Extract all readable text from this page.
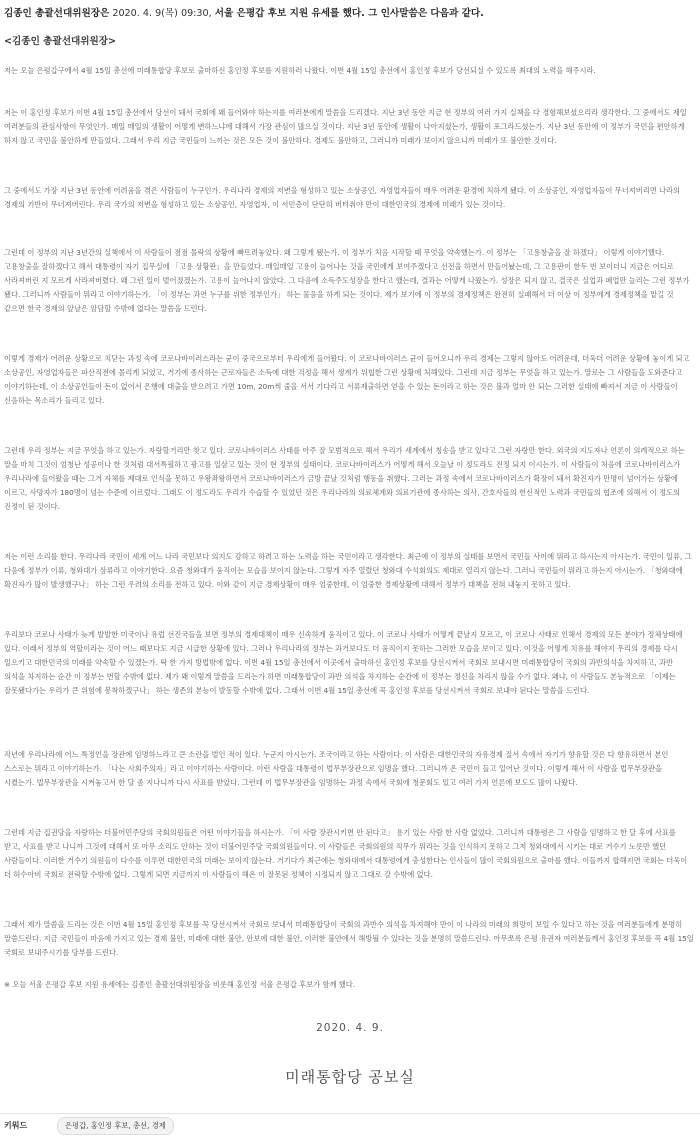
김종인 총괄선대위원장은 2020. 4. 9(목) 09:30, 서울 은평갑 후보 지원 유세를 했다. 그 인사말씀은 다음과 같다.
<김종인 총괄선대위원장>

저는 오늘 은평갑구에서 4월 15일 총선에 미래통합당 후보로 출마하신 홍인정 후보를 지원하러 나왔다. 이번 4월 15일 총선에서 홍인정 후보가 당선되실 수 있도록 최대의 노력을 해주시라.

저는 이 홍인정 후보가 이번 4월 15일 총선에서 당선이 돼서 국회에 왜 들어와야 하는지를 여러분에게 말씀을 드리겠다. 지난 3년 동안 지금 현 정부의 여러 가지 실책을 다 경험해보셨으리라 생각한다. 그 중에서도 제일 여러분들의 관심사항이 무엇인가. 매일 매일의 생활이 어떻게 변하느냐에 대해서 가장 관심이 많으실 것이다. 지난 3년 동안에 생활이 나아지셨는가, 생활이 포그라드셨는가. 지난 3년 동안에 이 정부가 국민을 편안하게 하지 않고 국민을 불안하게 만들었다. 그래서 우리 지금 국민들이 느끼는 것은 모든 것이 불안하다. 경제도 불안하고, 그러니까 미래가 보이지 않으니까 미래가 또 불안한 것이다.

그 중에서도 가장 지난 3년 동안에 어려움을 겪은 사람들이 누구인가. 우리나라 경제의 저변을 형성하고 있는 소상공인, 자영업자들이 매우 어려운 환경에 처하게 됐다. 이 소상공인, 자영업자들이 무너져버리면 나라의 경제의 기반이 무너져버린다. 우리 국가의 저변을 형성하고 있는 소상공인, 자영업자, 이 서민층이 단단히 버텨줘야 만이 대한민국의 경제에 미래가 있는 것이다.

그런데 이 정부의 지난 3년간의 실책에서 이 사람들이 점점 몰락의 상황에 빠뜨려놓았다. 왜 그렇게 됐는가. 이 정부가 처음 시작할 때 무엇을 약속했는가. 이 정부는 「고용창출을 잘 하겠다」 이렇게 이야기했다. 고용창출을 잘하겠다고 해서 대통령이 자기 집무실에 「고용 상황판」을 만들었다. 매일매일 고용이 늘어나는 것을 국민에게 보여주겠다고 선전을 하면서 만들어놨는데, 그 고용판이 한두 번 보이더니 지금은 어디로 사라져버린 지 모르게 사라져버렸다. 왜 그런 일이 벌어졌겠는가. 고용이 늘어나지 않았다. 그 다음에 소득주도성장을 한다고 했는데, 결과는 어떻게 나왔는가. 성장은 되지 않고, 결국은 실업과 폐업만 늘리는 그런 정부가 됐다. 그러니까 사람들이 뭐라고 이야기하는가. 「이 정부는 과연 누구를 위한 정부인가」 하는 물음을 하게 되는 것이다. 제가 보기에 이 정부의 경제정책은 완전히 실패해서 더 이상 이 정부에게 경제정책을 맡길 것 같으면 한국 경제의 앞날은 암담할 수밖에 없다는 말씀을 드린다.

이렇게 경제가 어려운 상황으로 치닫는 과정 속에 코로나바이러스라는 균이 중국으로부터 우리에게 들어왔다. 이 코로나바이러스 균이 들어오니까 우리 경제는 그렇지 않아도 어려운데, 더욱더 어려운 상황에 놓이게 되고 소상공인, 자영업자들은 파산직전에 몰리게 되었고, 거기에 종사하는 근로자들은 소득에 대한 걱정을 해서 생계가 위협한 그런 상황에 처해있다. 그런데 지금 정부는 무엇을 하고 있는가. 말로는 그 사람들을 도와준다고 이야기하는데, 이 소상공인들이 돈이 없어서 은행에 대출을 받으려고 가면 10m, 20m씩 줄을 서서 기다리고 서류제출하면 얻을 수 있는 돈이라고 하는 것은 불과 얼마 안 되는 그러한 실태에 빠져서 지금 이 사람들이 신음하는 목소리가 들리고 있다.

그런데 우리 정부는 지금 무엇을 하고 있는가. 자랑할거리만 찾고 있다. 코로나바이러스 사태를 아주 잘 모범적으로 해서 우리가 세계에서 칭송을 받고 있다고 그런 자랑만 한다. 외국의 지도자나 언론이 의례적으로 하는 말을 마치 그것이 엄청난 성공이나 한 것처럼 대서특필하고 광고를 일삼고 있는 것이 현 정부의 실태이다. 코로나바이러스가 어떻게 해서 오늘날 이 정도라도 진정 되지 이시는가. 이 사람들이 처음에 코로나바이러스가 우리나라에 들어왔을 때는 그거 자체를 제대로 인식을 못하고 우왕좌왕하면서 코로나바이러스가 금방 끝날 것처럼 행동을 취했다. 그러는 과정 속에서 코로나바이러스가 확장이 돼서 확진자가 만명이 넘어가는 상황에 이르고, 사망자가 180명이 넘는 수준에 이르렀다. 그래도 이 정도라도 우리가 수습할 수 있었던 것은 우리나라의 의료체계와 의료기관에 종사하는 의사, 간호사들의 헌신적인 노력과 국민들의 협조에 의해서 이 정도의 진정이 된 것이다.

저는 이런 소리를 한다. 우리나라 국민이 세계 어느 나라 국민보다 의지도 강하고 하려고 하는 노력을 하는 국민이라고 생각한다. 최근에 이 정부의 실태를 보면서 국민들 사이에 뭐라고 하시는지 아시는가. 국민이 일류, 그 다음에 정부가 이류, 청와대가 삼류라고 이야기한다. 요즘 청와대가 움직이는 모습을 보이지 않는다. 그렇게 자주 열렸던 청와대 수석회의도 제대로 열리지 않는다. 그러니 국민들이 뭐라고 하는지 아시는가. 「청와대에 확진자가 많이 발생했구나」 하는 그런 우려의 소리를 전하고 있다. 이와 같이 지금 경제상황이 매우 엄중한데, 이 엄중한 경제상황에 대해서 정부가 대책을 전혀 내놓지 못하고 있다.

우리보다 코로나 사태가 늦게 발발한 미국이나 유럽 선진국들을 보면 정부의 경제대책이 매우 신속하게 움직이고 있다. 이 코로나 사태가 어떻게 끝날지 모르고, 이 코로나 사태로 인해서 경제의 모든 분야가 정체상태에 있다. 이래서 정부의 역할이라는 것이 어느 때보다도 지금 시급한 상황에 있다. 그러나 우리나라의 정부는 과거보다도 더 움직이지 못하는 그러한 모습을 보이고 있다. 이것을 어떻게 치유를 해야지 우리의 경제를 다시 일으키고 대한민국의 미래를 약속할 수 있겠는가. 딱 한 가지 방법밖에 없다. 이번 4월 15일 총선에서 이곳에서 출마하신 홍인정 후보를 당선시켜서 국회로 보내시면 미래통합당이 국회의 과반의석을 차지하고, 과반 의석을 차지하는 순간 이 정부는 번할 수밖에 없다. 제가 왜 이렇게 말씀을 드리는가 하면 미래통합당이 과반 의석을 차지하는 순간에 이 정부는 정신을 차리지 않을 수가 없다. 왜냐, 이 사람들도 본능적으로 「이제는 잘못됐다가는 우리가 큰 위험에 봉착하겠구나」 하는 생존의 본능이 발동할 수밖에 없다. 그래서 이번 4월 15일 총선에 꼭 홍인정 후보를 당선시켜서 국회로 보내야 된다는 말씀을 드린다.

작년에 우리나라에 어느 특정인을 장관에 임명하느라고 큰 소란을 벌인 적이 있다. 누군지 아시는가. 조국이라고 하는 사람이다. 이 사람은 대한민국의 자유경제 질서 속에서 자기가 향유할 것은 다 향유하면서 본인 스스로는 뭐라고 이야기하는가. 「나는 사회주의자」라고 이야기하는 사람이다. 이런 사람을 대통령이 법무부장관으로 임명을 했다. 그러니까 온 국민이 들고 일어난 것이다. 이렇게 해서 이 사람을 법무부장관을 시켰는가. 법무부장관을 시켜놓고서 한 달 좀 지나니까 다시 사표를 받았다. 그런데 이 법무부장관을 임명하는 과정 속에서 국회에 청문회도 있고 여러 가지 언론에 보도도 많이 나왔다.

그런데 지금 집권당을 자랑하는 더불어민주당의 국회의원들은 어떤 이야기들을 하시는가. 「이 사람 장관시키면 안 된다고」 용기 있는 사람 한 사람 없었다. 그러니까 대통령은 그 사람을 임명하고 한 달 후에 사표를 받고, 사표를 받고 나니까 그것에 대해서 또 아무 소리도 안하는 것이 더불어민주당 국회의원들이다. 이 사람들은 국회의원의 직무가 뭐라는 것을 인식하지 못하고 그저 청와대에서 시키는 대로 거수기 노릇만 했던 사람들이다. 이러한 거수기 의원들이 다수를 이루면 대한민국의 미래는 보이지 않는다. 거기다가 최근에는 청와대에서 대통령에게 충성한다는 인사들이 많이 국회의원으로 출마를 했다. 이들까지 합해지면 국회는 더욱이 더 허수아비 국회로 전락할 수밖에 없다. 그렇게 되면 지금까지 이 사람들이 해온 이 잘못된 정책이 시정되지 않고 그대로 갈 수밖에 없다.

그래서 제가 말씀을 드리는 것은 이번 4월 15일 홍인정 후보를 꼭 당선시켜서 국회로 보내서 미래통합당이 국회의 과반수 의석을 차지해야 만이 이 나라의 미래의 희망이 보일 수 있다고 하는 것을 여러분들에게 분명히 말씀드린다. 지금 국민들이 마음에 가지고 있는 경제 불안, 미래에 대한 불안, 안보에 대한 불안, 이러한 불안에서 해방될 수 있다는 것을 분명히 말씀드린다. 아무쪼록 은평 유권자 여러분들께서 홍인정 후보를 꼭 4월 15일 국회로 보내주시기를 당부를 드린다.

※ 오늘 서울 은평갑 후보 지원 유세에는 김종인 총괄선대위원장을 비롯해 홍인정 서울 은평갑 후보가 함께 했다.
2020. 4. 9.
미래통합당 공보실
키워드	은평갑, 홍인정 후보, 총선, 경제
